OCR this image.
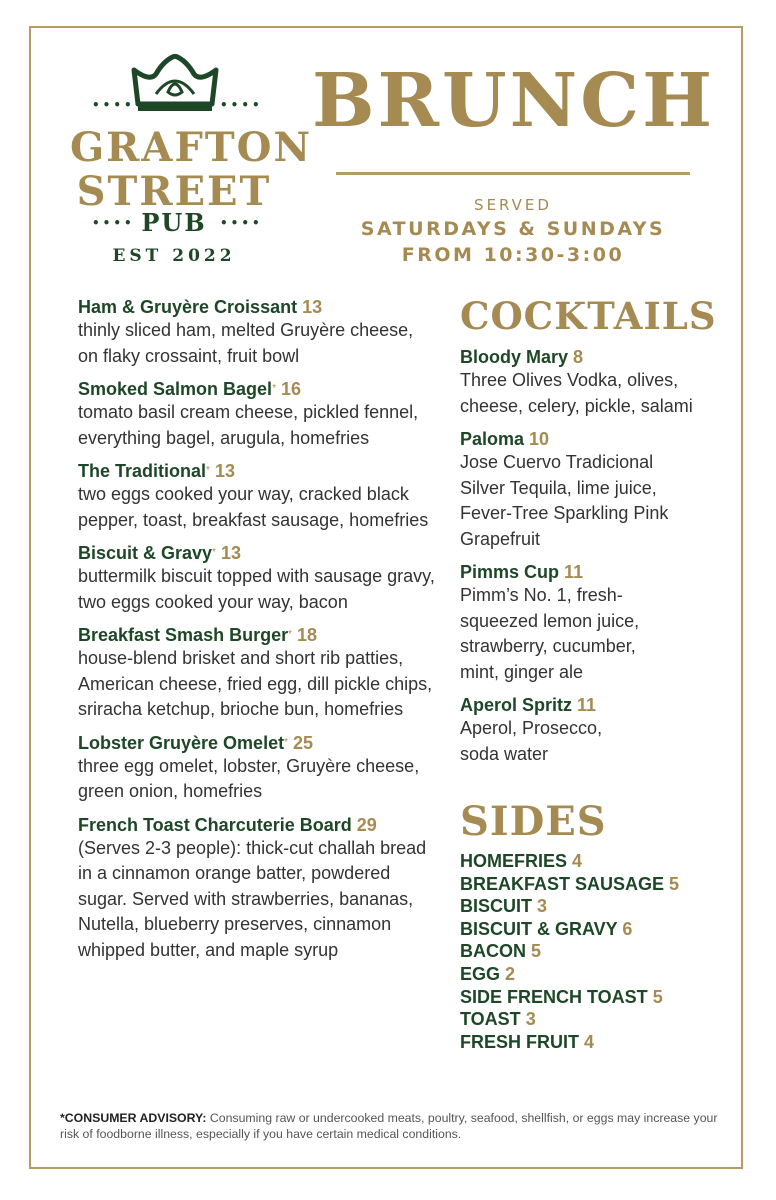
••••	••••
GRAFTON
STREET
•••• PUB	••••
EST 2022
BRUNCH
SERVED
SATURDAYS & SUNDAYS
FROM 10:30-3:00
Ham & Gruyère Croissant 13
thinly sliced ham, melted Gruyère cheese, on flaky crossaint, fruit bowl
Smoked Salmon Bagel* 16
tomato basil cream cheese, pickled fennel, everything bagel, arugula, homefries
The Traditional* 13
two eggs cooked your way, cracked black pepper, toast, breakfast sausage, homefries
Biscuit & Gravy* 13
buttermilk biscuit topped with sausage gravy, two eggs cooked your way, bacon
Breakfast Smash Burger* 18
house-blend brisket and short rib patties, American cheese, fried egg, dill pickle chips, sriracha ketchup, brioche bun, homefries
Lobster Gruyère Omelet* 25
three egg omelet, lobster, Gruyère cheese, green onion, homefries
French Toast Charcuterie Board 29
(Serves 2-3 people): thick-cut challah bread in a cinnamon orange batter, powdered sugar. Served with strawberries, bananas, Nutella, blueberry preserves, cinnamon whipped butter, and maple syrup
COCKTAILS
Bloody Mary 8
Three Olives Vodka, olives, cheese, celery, pickle, salami
Paloma 10
Jose Cuervo Tradicional Silver Tequila, lime juice, Fever-Tree Sparkling Pink Grapefruit
Pimms Cup 11
Pimm’s No. 1, fresh-squeezed lemon juice, strawberry, cucumber, mint, ginger ale
Aperol Spritz 11
Aperol, Prosecco, soda water
SIDES
HOMEFRIES 4
BREAKFAST SAUSAGE 5
BISCUIT 3
BISCUIT & GRAVY 6
BACON 5
EGG 2
SIDE FRENCH TOAST 5
TOAST 3
FRESH FRUIT 4
*CONSUMER ADVISORY: Consuming raw or undercooked meats, poultry, seafood, shellfish, or eggs may increase your risk of foodborne illness, especially if you have certain medical conditions.
